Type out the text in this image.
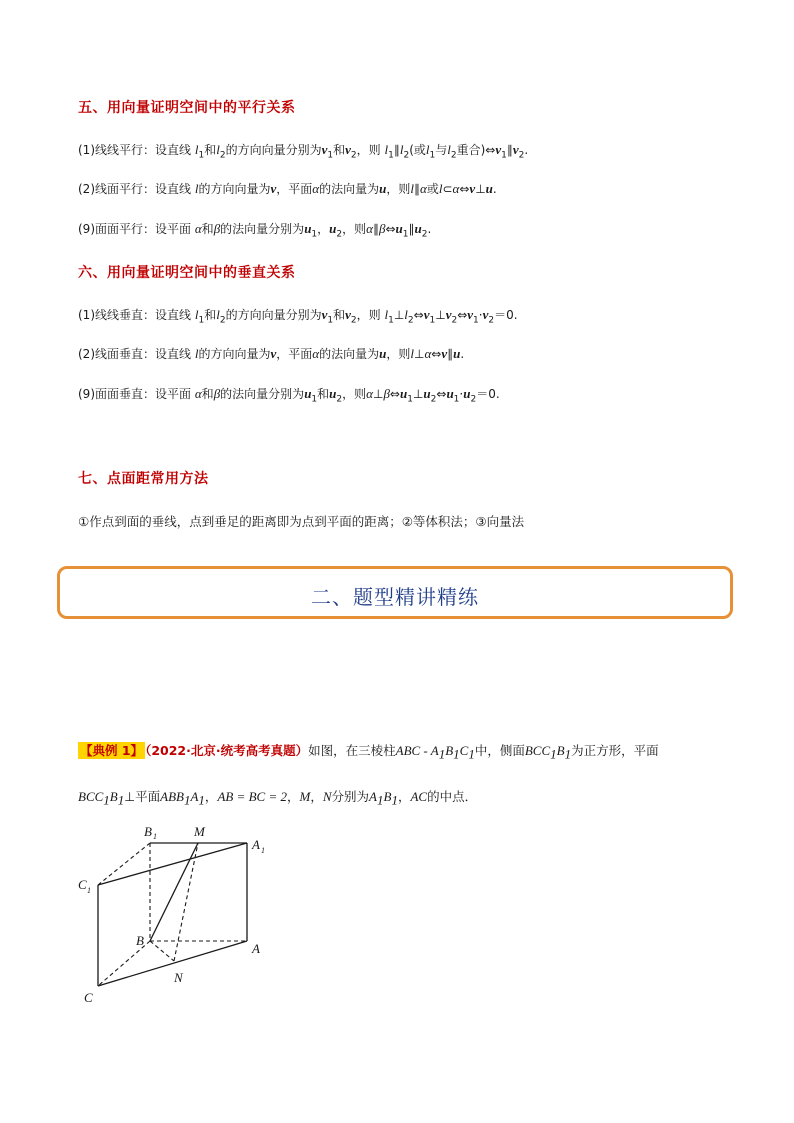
五、用向量证明空间中的平行关系
(1)线线平行：设直线 $l_1$和$l_2$的方向向量分别为$v_1$和$v_2$，则 $l_1\parallel l_2$(或$l_1$与$l_2$重合)$\Leftrightarrow v_1\parallel v_2$.
(2)线面平行：设直线 l的方向向量为v，平面α的法向量为u，则l∥α或l⊂α⇔v⊥u.
(9)面面平行：设平面 α和β的法向量分别为$u_1$，$u_2$，则$\alpha\parallel\beta\Leftrightarrow u_1\parallel u_2$.
六、用向量证明空间中的垂直关系
(1)线线垂直：设直线 $l_1$和$l_2$的方向向量分别为$v_1$和$v_2$，则 $l_1\perp l_2\Leftrightarrow v_1\perp v_2\Leftrightarrow v_1\cdot v_2=0$.
(2)线面垂直：设直线 l的方向向量为v，平面α的法向量为u，则l⊥α⇔v∥u.
(9)面面垂直：设平面 α和β的法向量分别为$u_1$和$u_2$，则$\alpha\perp\beta\Leftrightarrow u_1\perp u_2\Leftrightarrow u_1\cdot u_2=0$.
七、点面距常用方法
①作点到面的垂线，点到垂足的距离即为点到平面的距离；②等体积法；③向量法
二、题型精讲精练
【典例 1】 （2022·北京·统考高考真题）如图，在三棱柱ABC - $A_1B_1C_1$中，侧面$BCC_1B_1$为正方形，平面
$BCC_1B_1\perp$平面$ABB_1A_1$，AB = BC = 2，M，N分别为$A_1B_1$，AC的中点．
B 1	M
A 1
C 1
B
A
N
C
